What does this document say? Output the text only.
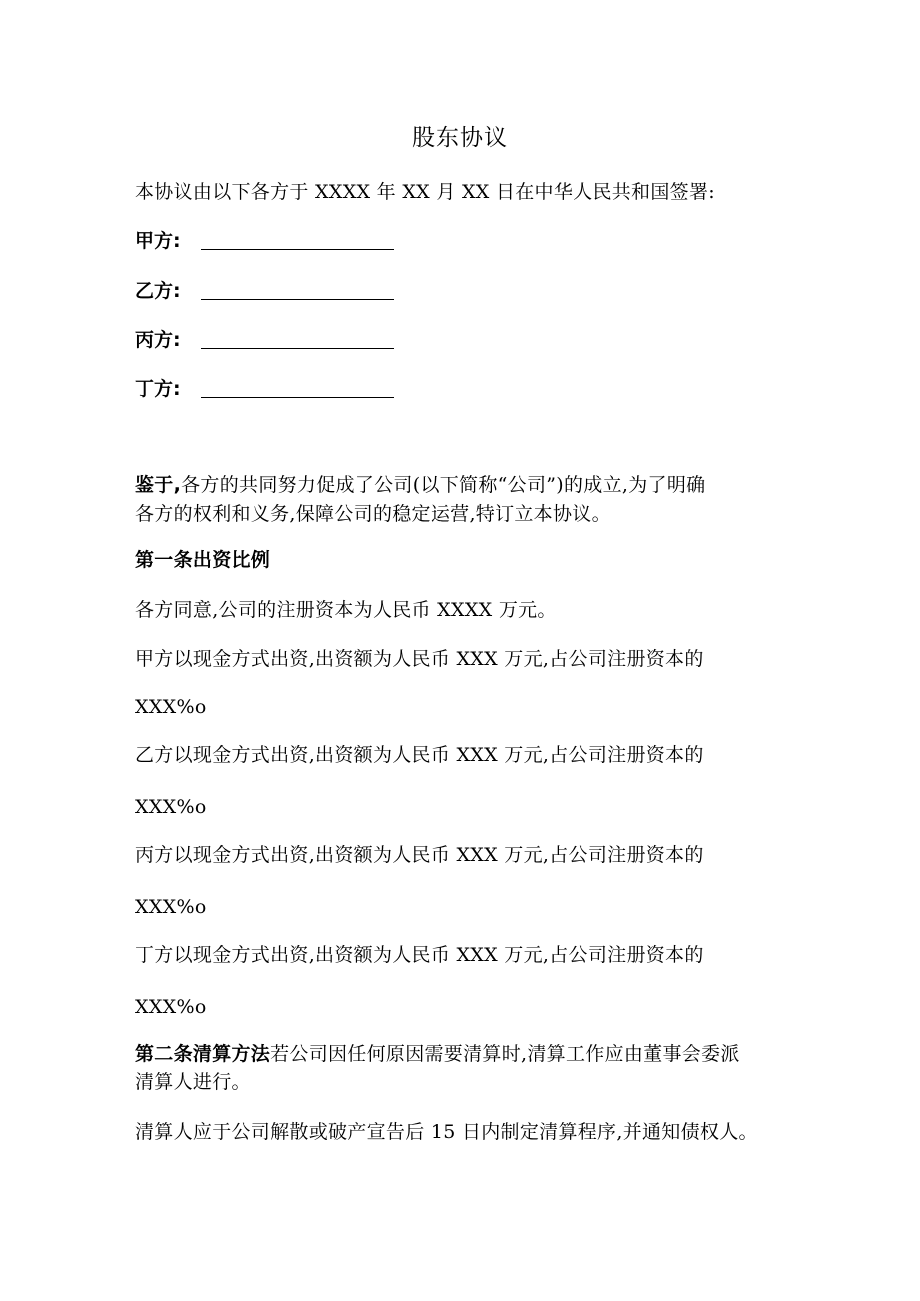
股东协议
本协议由以下各方于 XXXX 年 XX 月 XX 日在中华人民共和国签署:
甲方:
乙方:
丙方:
丁方:
鉴于,各方的共同努力促成了公司(以下简称“公司”)的成立,为了明确
各方的权利和义务,保障公司的稳定运营,特订立本协议。
第一条出资比例
各方同意,公司的注册资本为人民币 XXXX 万元。
甲方以现金方式出资,出资额为人民币 XXX 万元,占公司注册资本的
XXX%o
乙方以现金方式出资,出资额为人民币 XXX 万元,占公司注册资本的
XXX%o
丙方以现金方式出资,出资额为人民币 XXX 万元,占公司注册资本的
XXX%o
丁方以现金方式出资,出资额为人民币 XXX 万元,占公司注册资本的
XXX%o
第二条清算方法若公司因任何原因需要清算时,清算工作应由董事会委派
清算人进行。
清算人应于公司解散或破产宣告后 15 日内制定清算程序,并通知债权人。
